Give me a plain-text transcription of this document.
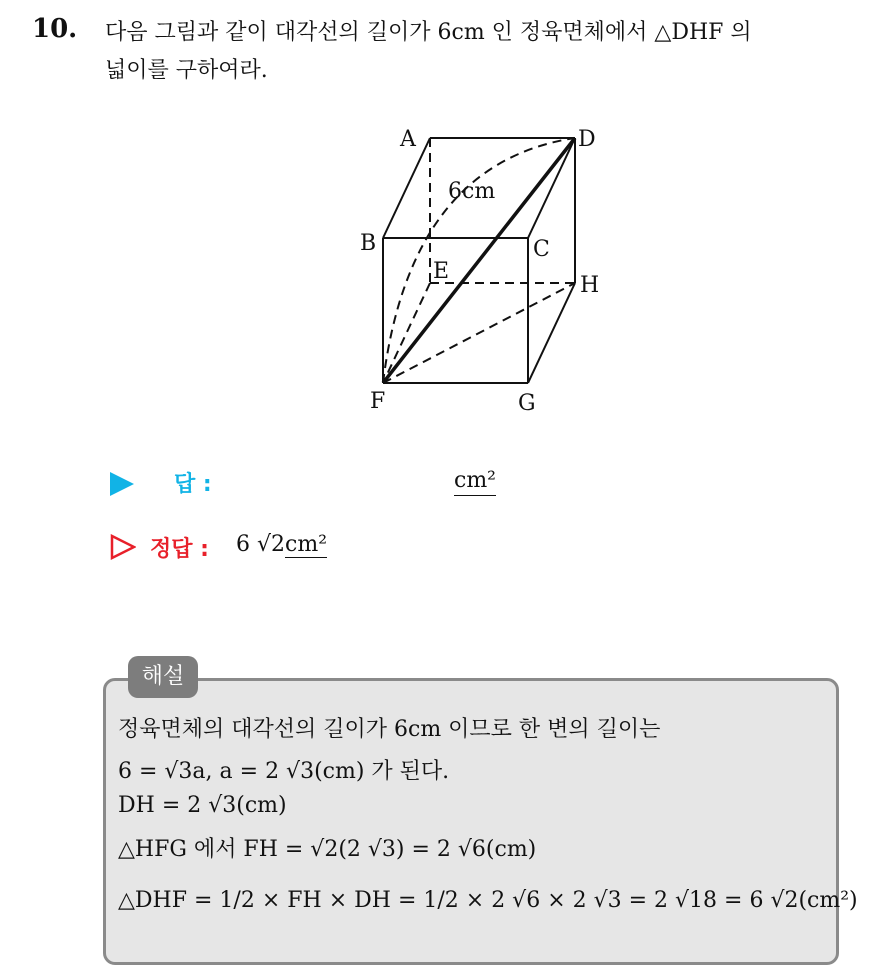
10. 다음 그림과 같이 대각선의 길이가 6cm 인 정육면체에서 △DHF 의
넓이를 구하여라.
A	D
B	C
E
H
F	G
6cm
답 :	cm²
정답 : 6 √2cm²
해설
정육면체의 대각선의 길이가 6cm 이므로 한 변의 길이는
6 = √3a, a = 2 √3(cm) 가 된다.
DH = 2 √3(cm)
△HFG 에서 FH = √2(2 √3) = 2 √6(cm)
△DHF = 1/2 × FH × DH = 1/2 × 2 √6 × 2 √3 = 2 √18 = 6 √2(cm²)
